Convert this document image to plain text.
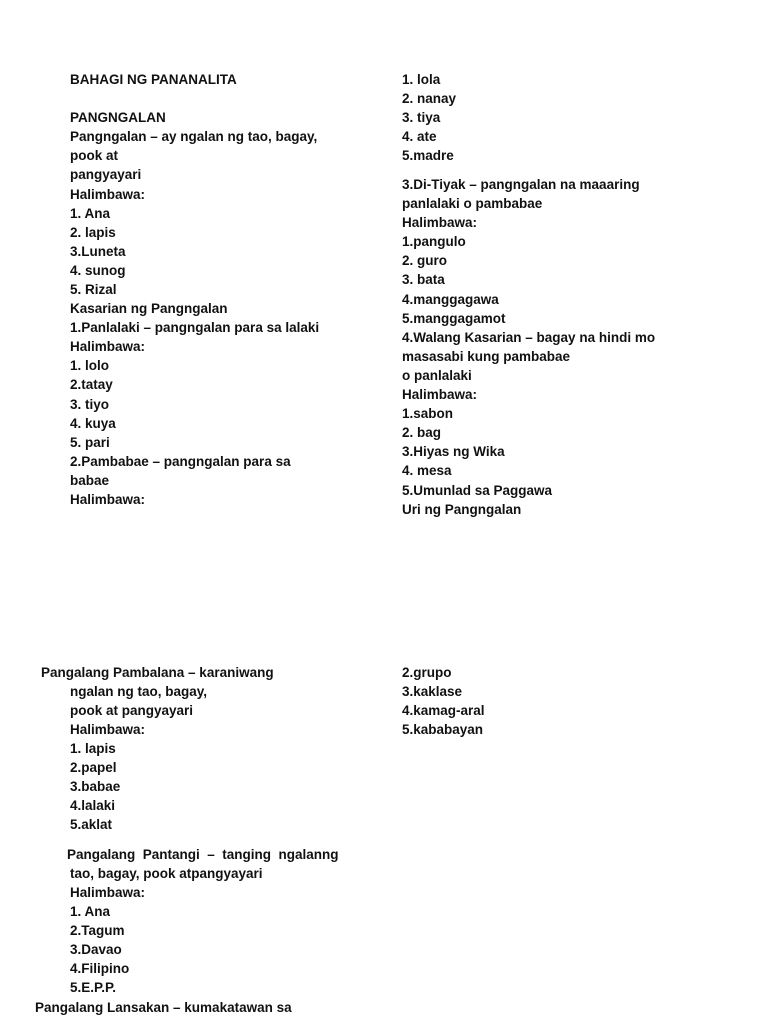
BAHAGI NG PANANALITA
PANGNGALAN
Pangngalan – ay ngalan ng tao, bagay,
pook at
pangyayari
Halimbawa:
1. Ana
2. lapis
3.Luneta
4. sunog
5. Rizal
Kasarian ng Pangngalan
1.Panlalaki – pangngalan para sa lalaki
Halimbawa:
1. lolo
2.tatay
3. tiyo
4. kuya
5. pari
2.Pambabae – pangngalan para sa
babae
Halimbawa:
1. lola
2. nanay
3. tiya
4. ate
5.madre
3.Di-Tiyak – pangngalan na maaaring
panlalaki o pambabae
Halimbawa:
1.pangulo
2. guro
3. bata
4.manggagawa
5.manggagamot
4.Walang Kasarian – bagay na hindi mo
masasabi kung pambabae
o panlalaki
Halimbawa:
1.sabon
2. bag
3.Hiyas ng Wika
4. mesa
5.Umunlad sa Paggawa
Uri ng Pangngalan
Pangalang Pambalana – karaniwang
ngalan ng tao, bagay,
pook at pangyayari
Halimbawa:
1. lapis
2.papel
3.babae
4.lalaki
5.aklat
Pangalang  Pantangi  –  tanging  ngalanng
tao, bagay, pook atpangyayari
Halimbawa:
1. Ana
2.Tagum
3.Davao
4.Filipino
5.E.P.P.
Pangalang Lansakan – kumakatawan sa
2.grupo
3.kaklase
4.kamag-aral
5.kababayan
